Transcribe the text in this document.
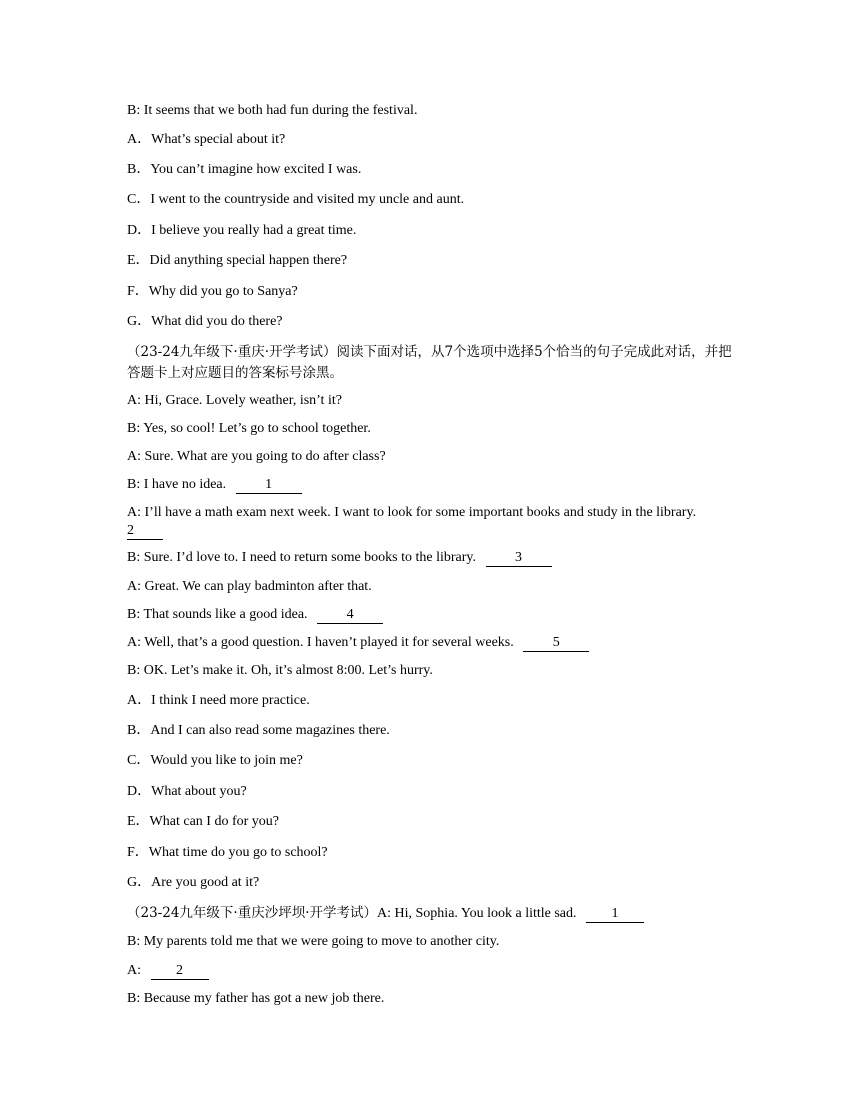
B: It seems that we both had fun during the festival.

A．What’s special about it?

B．You can’t imagine how excited I was.

C．I went to the countryside and visited my uncle and aunt.

D．I believe you really had a great time.

E．Did anything special happen there?

F．Why did you go to Sanya?

G．What did you do there?

（23-24九年级下·重庆·开学考试）阅读下面对话，从7个选项中选择5个恰当的句子完成此对话，并把答题卡上对应题目的答案标号涂黑。

A: Hi, Grace. Lovely weather, isn’t it?

B: Yes, so cool! Let’s go to school together.

A: Sure. What are you going to do after class?

B: I have no idea.	1

A: I’ll have a math exam next week. I want to look for some important books and study in the library.

2

B: Sure. I’d love to. I need to return some books to the library.	3

A: Great. We can play badminton after that.

B: That sounds like a good idea.	4

A: Well, that’s a good question. I haven’t played it for several weeks.	5

B: OK. Let’s make it. Oh, it’s almost 8:00. Let’s hurry.

A．I think I need more practice.

B．And I can also read some magazines there.

C．Would you like to join me?

D．What about you?

E．What can I do for you?

F．What time do you go to school?

G．Are you good at it?

（23-24九年级下·重庆沙坪坝·开学考试）A: Hi, Sophia. You look a little sad.	1

B: My parents told me that we were going to move to another city.

A:	2

B: Because my father has got a new job there.
